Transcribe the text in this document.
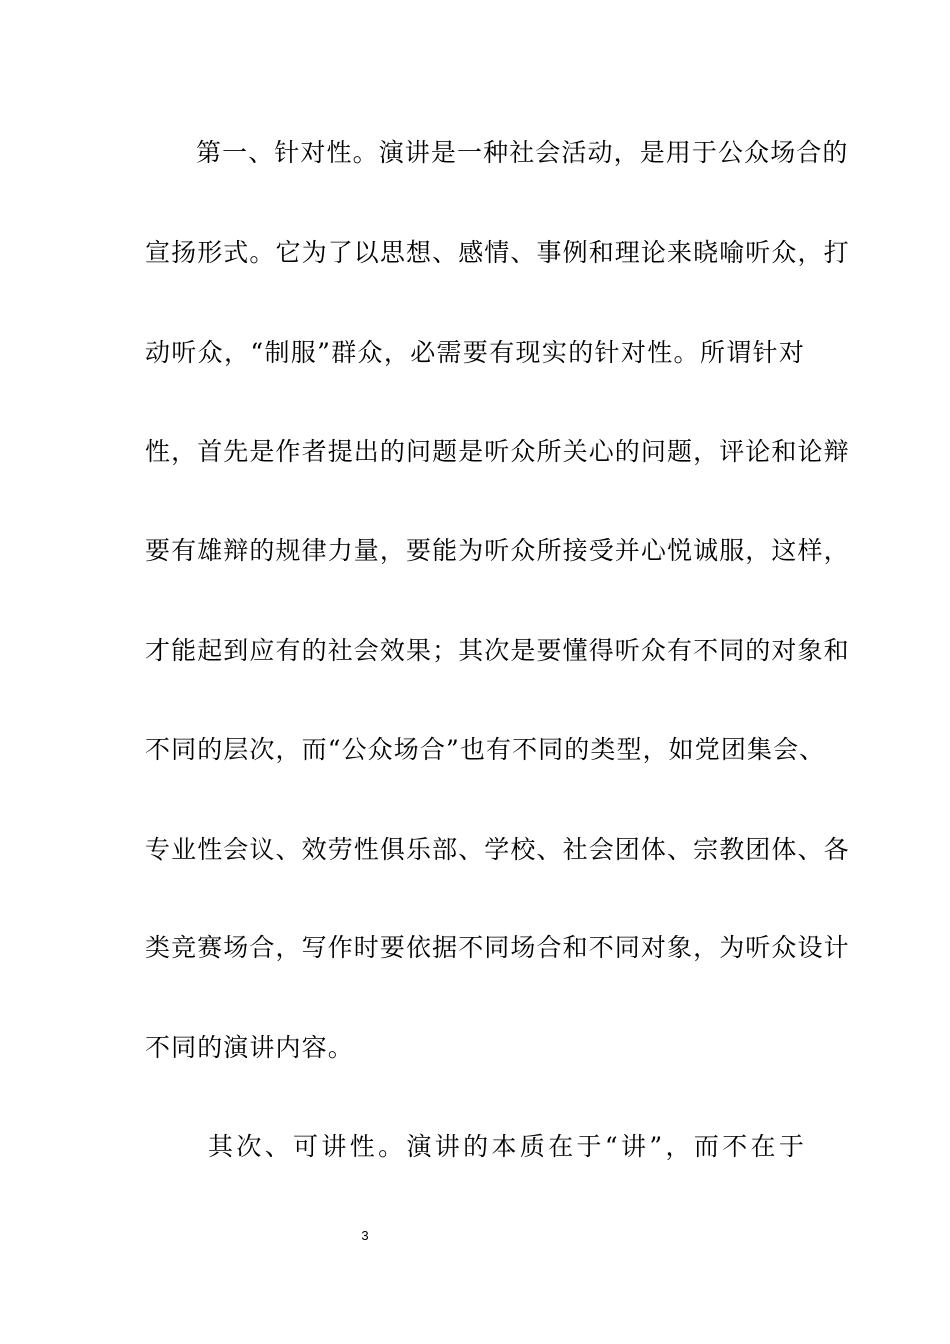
第一、针对性。演讲是一种社会活动，是用于公众场合的
宣扬形式。它为了以思想、感情、事例和理论来晓喻听众，打
动听众，“制服”群众，必需要有现实的针对性。所谓针对
性，首先是作者提出的问题是听众所关心的问题，评论和论辩
要有雄辩的规律力量，要能为听众所接受并心悦诚服，这样，
才能起到应有的社会效果；其次是要懂得听众有不同的对象和
不同的层次，而“公众场合”也有不同的类型，如党团集会、
专业性会议、效劳性俱乐部、学校、社会团体、宗教团体、各
类竞赛场合，写作时要依据不同场合和不同对象，为听众设计
不同的演讲内容。
其次、可讲性。演讲的本质在于“讲”，而不在于
3
